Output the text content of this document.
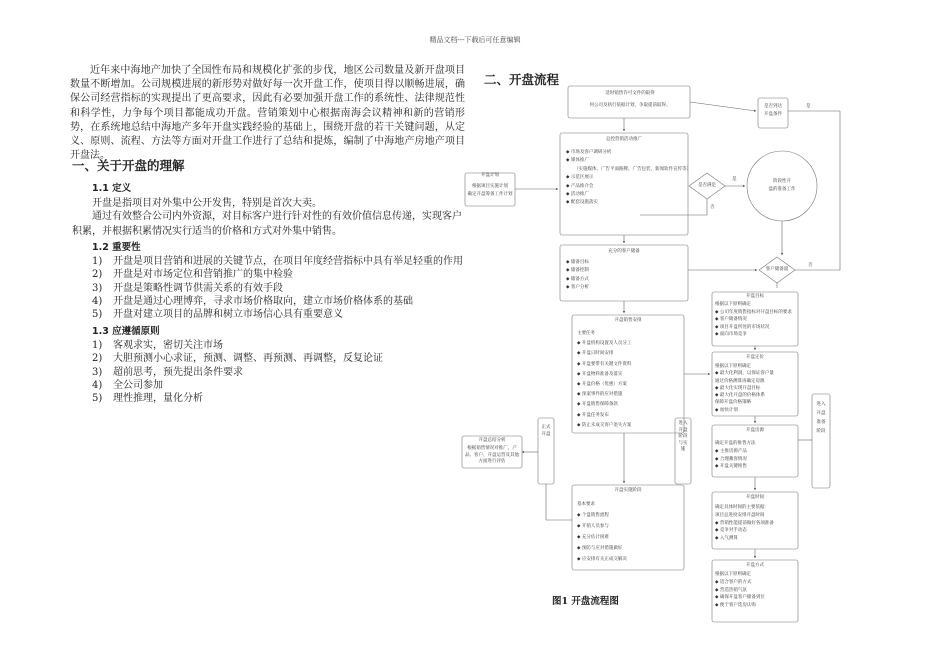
精品文档---下载后可任意编辑
近年来中海地产加快了全国性布局和规模化扩张的步伐，地区公司数量及新开盘项目数量不断增加。公司规模进展的新形势对做好每一次开盘工作，使项目得以顺畅进展，确保公司经营指标的实现提出了更高要求，因此有必要加强开盘工作的系统性、法律规范性和科学性，力争每个项目都能成功开盘。营销策划中心根据南海会议精神和新的营销形势，在系统地总结中海地产多年开盘实践经验的基础上，围绕开盘的若干关键问题，从定义、原则、流程、方法等方面对开盘工作进行了总结和提炼，编制了中海地产房地产项目开盘法。
一、关于开盘的理解
1.1 定义
开盘是指项目对外集中公开发售，特别是首次大卖。
通过有效整合公司内外资源，对目标客户进行针对性的有效价值信息传递，实现客户积累，并根据积累情况实行适当的价格和方式对外集中销售。
1.2 重要性
1) 开盘是项目营销和进展的关键节点，在项目年度经营指标中具有举足轻重的作用
2) 开盘是对市场定位和营销推广的集中检验
3) 开盘是策略性调节供需关系的有效手段
4) 开盘是通过心理博弈，寻求市场价格取向，建立市场价格体系的基础
5) 开盘对建立项目的品牌和树立市场信心具有重要意义
1.3 应遵循原则
1) 客观求实，密切关注市场
2) 大胆预测小心求证，预测、调整、再预测、再调整，反复论证
3) 超前思考，预先提出条件要求
4) 全公司参加
5) 理性推理，量化分析
二、开盘流程
适时销售许可文件的取得
何公司及执行依据计划，争取提前取得。
开盘计划
根据项目实施计划
确定开盘筹备工作计划
总控营销活动推广
◆ 市场及客户调研分析
◆ 媒体推广
（实施媒体、广告平面路牌、广告包装、新闻软件宣传等）
◆ 示范区展示
◆ 产品推介会
◆ 活动推广
◆ 配套设施落实
充分的客户储备
◆ 储备目标
◆ 储备控制
◆ 储备方式
◆ 客户分析
开盘销售安排
主要任务
◆ 开盘机构设置及人员分工
◆ 开盘日时间安排
◆ 开盘要带有关键文件资料
◆ 开盘物料准备及落实
◆ 开盘价格（优惠）方案
◆ 预案事件的应对措施
◆ 开盘销售保障条款
◆ 开盘任务发布
◆ 防止未成交客户退失方案
开盘实施阶段
基本要求
◆ 个盘销售流程
◆ 开销人员参与
◆ 充分估计困难
◆ 预防与应对措施做好
◆ 应安排有关正成交解决
开盘目标
根据以下原则确定
◆ 公司年度销售指标对开盘目标的要求
◆ 客户储备情况
◆ 项目开盘所处的市场状况
◆ 面向市场竞争
开盘定价
根据以下原则确定
◆ 最大化利润，以保证客户量
通过价格测算再确定房源
◆ 最大化实现开盘目标
◆ 最大化开盘的价格体系
保障开盘价格策略
◆ 加快计划
开盘房源
确定开盘的推售方法
◆ 主推房源产品
◆ 合理蓄客情况
◆ 开盘关键推售
开盘时间
确定具体时间的主要依据：
项目总进度安排开盘时间
◆ 营销性能提前做好各项准备
◆ 竞争对手动态
◆ 入气测算
开盘方式
根据以下原则确定
◆ 适合客户的方式
◆ 营造热销气氛
◆ 确保开盘客户储备到位
◆ 便于客户选房认购
开盘总结分析
根据销售情况对推广、产品、客户、开盘运营及其他方面进行评估
阶段性开
盘的准备工作
是否到达
开盘条件
是否满足
客户储备量
正式开盘
进入开盘阶段与实施
进入开盘准备阶段
是
否
是
否
图1 开盘流程图
